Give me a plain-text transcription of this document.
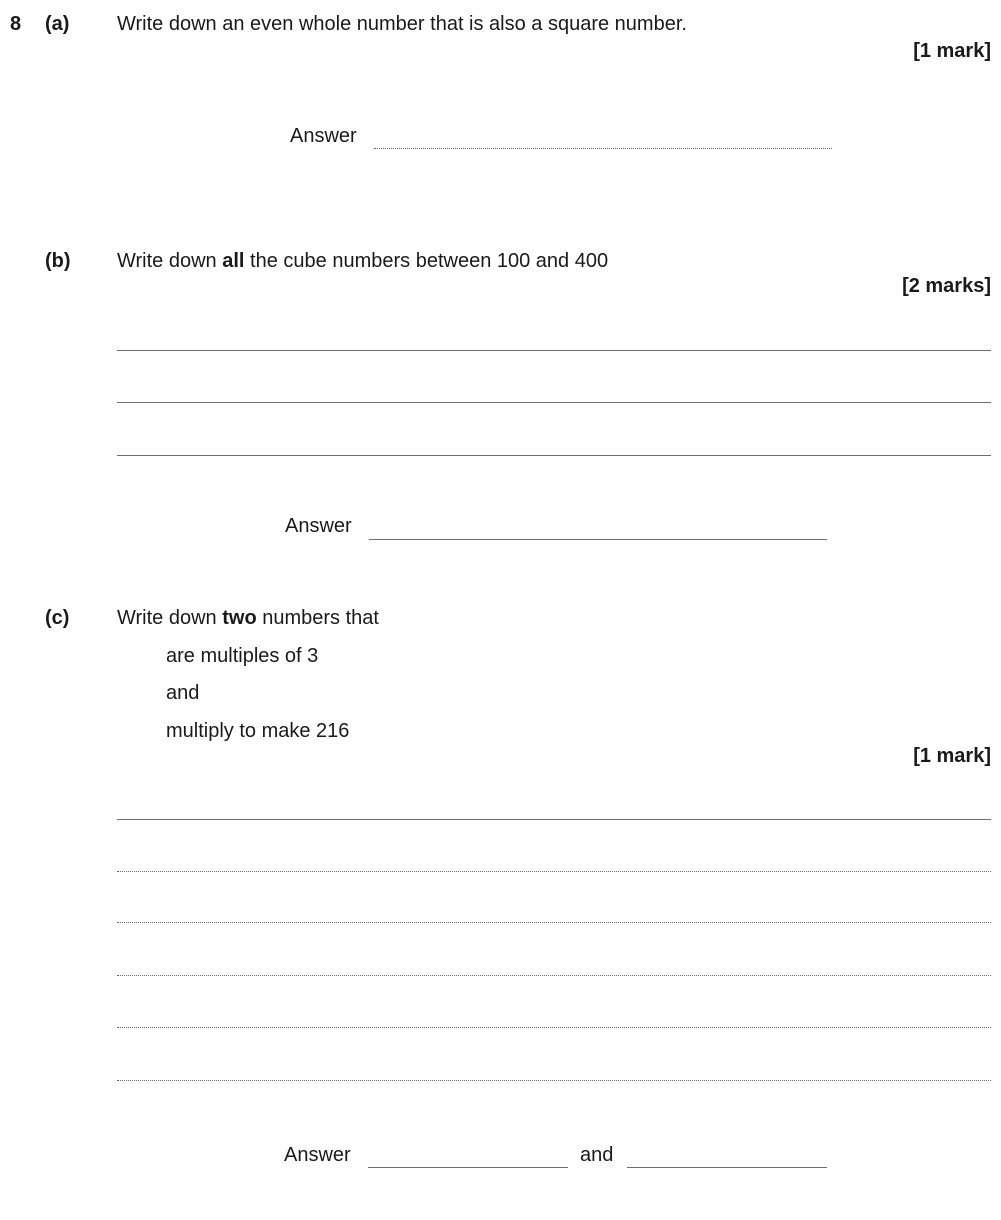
8 (a) Write down an even whole number that is also a square number.
[1 mark]
Answer
(b) Write down all the cube numbers between 100 and 400
[2 marks]
Answer
(c) Write down two numbers that
are multiples of 3
and
multiply to make 216
[1 mark]
Answer	and
